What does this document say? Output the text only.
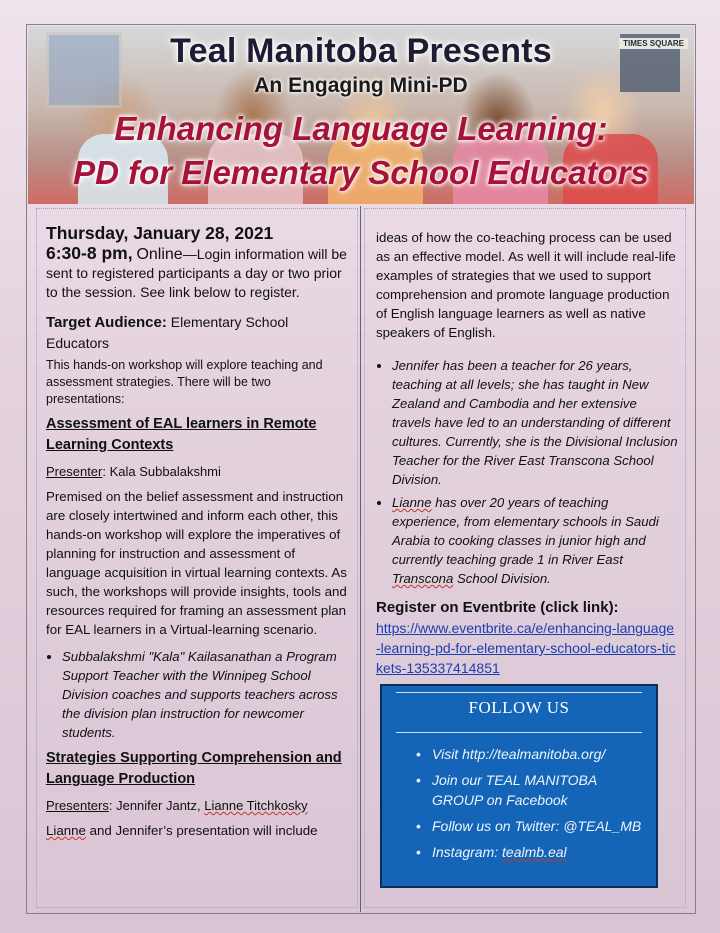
TIMES SQUARE
Teal Manitoba Presents
An Engaging Mini-PD
Enhancing Language Learning:
PD for Elementary School Educators

Thursday, January 28, 2021

6:30-8 pm, Online—Login information will be sent to registered participants a day or two prior to the session. See link below to register.

Target Audience: Elementary School Educators

This hands-on workshop will explore teaching and assessment strategies. There will be two presentations:

Assessment of EAL learners in Remote Learning Contexts

Presenter: Kala Subbalakshmi

Premised on the belief assessment and instruction are closely intertwined and inform each other, this hands-on workshop will explore the imperatives of planning for instruction and assessment of language acquisition in virtual learning contexts. As such, the workshops will provide insights, tools and resources required for framing an assessment plan for EAL learners in a Virtual-learning scenario.

• Subbalakshmi "Kala" Kailasanathan a Program Support Teacher with the Winnipeg School Division coaches and supports teachers across the division plan instruction for newcomer students.

Strategies Supporting Comprehension and Language Production

Presenters: Jennifer Jantz, Lianne Titchkosky

Lianne and Jennifer’s presentation will include

ideas of how the co-teaching process can be used as an effective model. As well it will include real-life examples of strategies that we used to support comprehension and promote language production of English language learners as well as native speakers of English.

• Jennifer has been a teacher for 26 years, teaching at all levels; she has taught in New Zealand and Cambodia and her extensive travels have led to an understanding of different cultures. Currently, she is the Divisional Inclusion Teacher for the River East Transcona School Division.
• Lianne has over 20 years of teaching experience, from elementary schools in Saudi Arabia to cooking classes in junior high and currently teaching grade 1 in River East Transcona School Division.

Register on Eventbrite (click link):

https://www.eventbrite.ca/e/enhancing-language-learning-pd-for-elementary-school-educators-tickets-135337414851

FOLLOW US
• Visit http://tealmanitoba.org/
• Join our TEAL MANITOBA GROUP on Facebook
• Follow us on Twitter: @TEAL_MB
• Instagram: tealmb.eal
